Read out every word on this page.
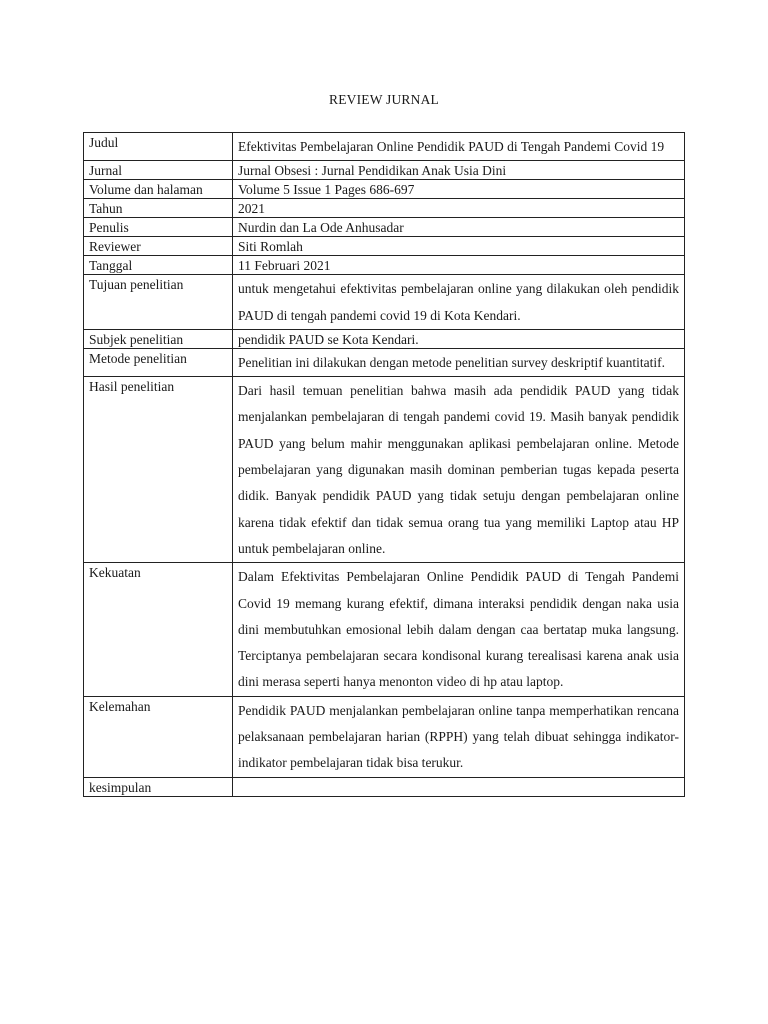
REVIEW JURNAL
Judul	Efektivitas Pembelajaran Online Pendidik PAUD di Tengah Pandemi Covid 19
Jurnal	Jurnal Obsesi : Jurnal Pendidikan Anak Usia Dini
Volume dan halaman	Volume 5 Issue 1 Pages 686-697
Tahun	2021
Penulis	Nurdin dan La Ode Anhusadar
Reviewer	Siti Romlah
Tanggal	11 Februari 2021
Tujuan penelitian	untuk mengetahui efektivitas pembelajaran online yang dilakukan oleh pendidik PAUD di tengah pandemi covid 19 di Kota Kendari.
Subjek penelitian	pendidik PAUD se Kota Kendari.
Metode penelitian	Penelitian ini dilakukan dengan metode penelitian survey deskriptif kuantitatif.
Hasil penelitian	Dari hasil temuan penelitian bahwa masih ada pendidik PAUD yang tidak menjalankan pembelajaran di tengah pandemi covid 19. Masih banyak pendidik PAUD yang belum mahir menggunakan aplikasi pembelajaran online. Metode pembelajaran yang digunakan masih dominan pemberian tugas kepada peserta didik. Banyak pendidik PAUD yang tidak setuju dengan pembelajaran online karena tidak efektif dan tidak semua orang tua yang memiliki Laptop atau HP untuk pembelajaran online.
Kekuatan	Dalam Efektivitas Pembelajaran Online Pendidik PAUD di Tengah Pandemi Covid 19 memang kurang efektif, dimana interaksi pendidik dengan naka usia dini membutuhkan emosional lebih dalam dengan caa bertatap muka langsung. Terciptanya pembelajaran secara kondisonal kurang terealisasi karena anak usia dini merasa seperti hanya menonton video di hp atau laptop.
Kelemahan	Pendidik PAUD menjalankan pembelajaran online tanpa memperhatikan rencana pelaksanaan pembelajaran harian (RPPH) yang telah dibuat sehingga indikator-indikator pembelajaran tidak bisa terukur.
kesimpulan	
